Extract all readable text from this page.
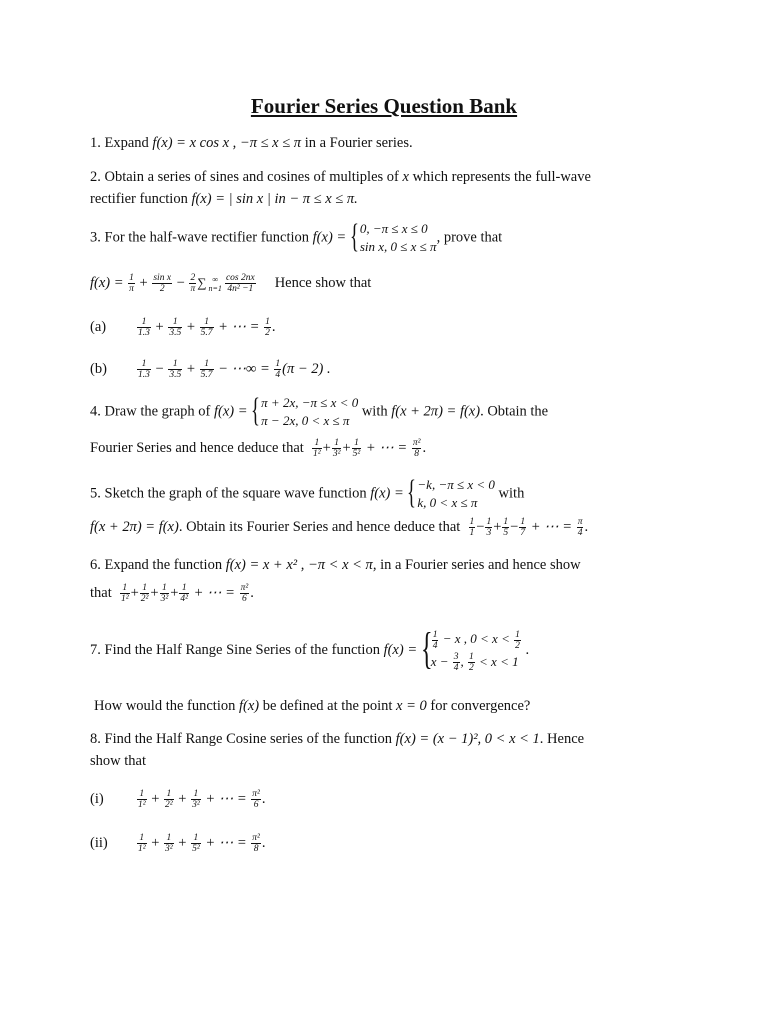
Fourier Series Question Bank
1. Expand f(x) = x cos x , −π ≤ x ≤ π in a Fourier series.
2. Obtain a series of sines and cosines of multiples of x which represents the full-wave
rectifier function f(x) = | sin x | in − π ≤ x ≤ π.
3. For the half-wave rectifier function f(x) = { 0, −π ≤ x ≤ 0
sin x, 0 ≤ x ≤ π
, prove that
$f(x) = \frac{1}{\pi} + \frac{\text{sin x}}{2} - \frac{2}{\pi}$ ∑ ∞
$n=1 \frac{\cos 2nx}{\text{4n² −1}}$ Hence show that
(a)	$\frac{1}{1.3} + \frac{1}{3.5} + \frac{1}{5.7}$ + ⋯ = $\frac{1}{2}$ .
(b)	$\frac{1}{1.3} - \frac{1}{3.5} + \frac{1}{5.7}$ − ⋯∞ = $\frac{1}{4} (\pi - 2)$ .
4. Draw the graph of f(x) = { π + 2x, −π ≤ x < 0
π − 2x, 0 < x ≤ π
with f(x + 2π) = f(x). Obtain the
Fourier Series and hence deduce that $\frac{1}{\text{1²}} + \frac{1}{\text{3²}} + \frac{1}{\text{5²}}$ + ⋯ = $\frac{\text{π²}}{8}$ .
5. Sketch the graph of the square wave function f(x) = { −k, −π ≤ x < 0
k, 0 < x ≤ π
with
f(x + 2π) = f(x). Obtain its Fourier Series and hence deduce that $\frac{1}{1} - \frac{1}{3} + \frac{1}{5} - \frac{1}{7}$ + ⋯ = $\frac{\pi}{4}$ .
6. Expand the function f(x) = x + x² , −π < x < π, in a Fourier series and hence show
that $\frac{1}{\text{1²}} + \frac{1}{\text{2²}} + \frac{1}{\text{3²}} + \frac{1}{\text{4²}}$ + ⋯ = $\frac{\text{π²}}{6}$ .
7. Find the Half Range Sine Series of the function f(x) = { $\frac{1}{4} - x$ , $0 < x < \frac{1}{2}$
$x - \frac{3}{4}$ , $\frac{1}{2} < x < 1$
.
How would the function f(x) be defined at the point x = 0 for convergence?
8. Find the Half Range Cosine series of the function f(x) = (x − 1)², 0 < x < 1. Hence
show that
(i)	$\frac{1}{\text{1²}} + \frac{1}{\text{2²}} + \frac{1}{\text{3²}}$ + ⋯ = $\frac{\text{π²}}{6}$ .
(ii)	$\frac{1}{\text{1²}} + \frac{1}{\text{3²}} + \frac{1}{\text{5²}}$ + ⋯ = $\frac{\text{π²}}{8}$ .
